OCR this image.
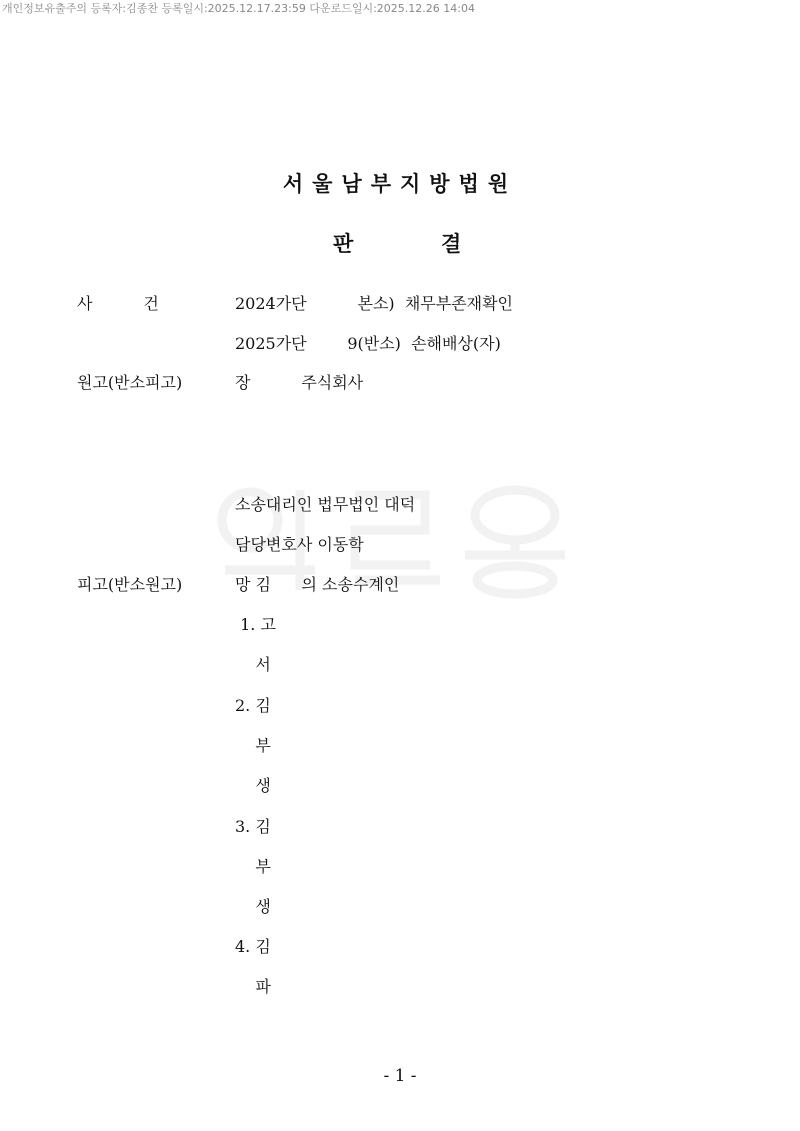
개인정보유출주의 등록자:김종찬 등록일시:2025.12.17.23:59 다운로드일시:2025.12.26 14:04
서울남부지방법원
판	결
사          건	2024가단          본소)  채무부존재확인
2025가단        9(반소)  손해배상(자)
원고(반소피고)	장          주식회사
소송대리인 법무법인 대덕
담당변호사 이동학
피고(반소원고)	망 김      의 소송수계인
1. 고
서
2. 김
부
생
3. 김
부
생
4. 김
파
- 1 -
